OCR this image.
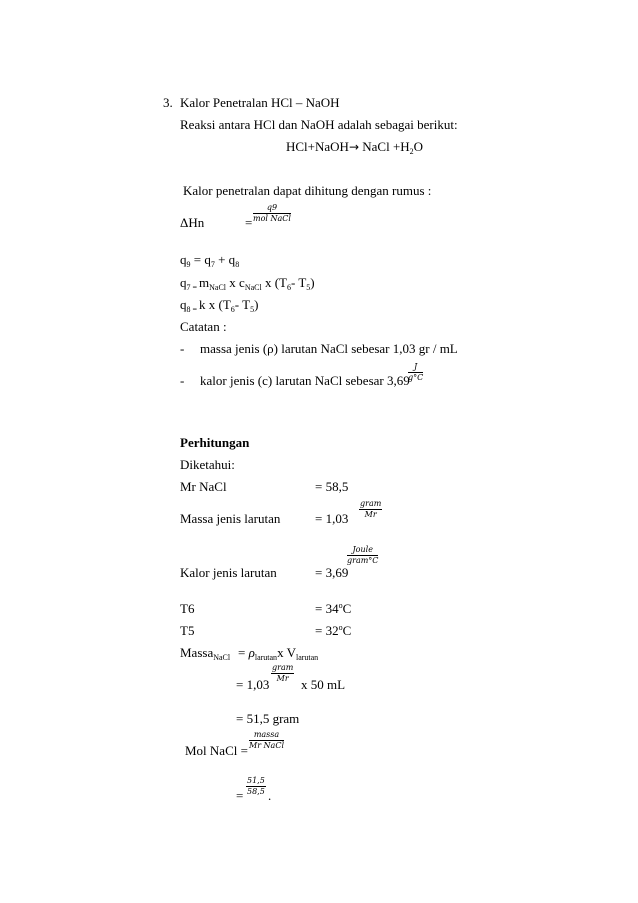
3. Kalor Penetralan HCl – NaOH
Reaksi antara HCl dan NaOH adalah sebagai berikut:
HCl+NaOH→ NaCl $+H_2O$
Kalor penetralan dapat dihitung dengan rumus :
ΔHn	=
q9
mol NaCl
$q_9 = q_7 + q_8$
$q_{7 =}$ $m_{NaCl}$ x $c_{NaCl}$ x ($T_6-$ $T_5$)
$q_{8 =}$ k x ($T_6-$ $T_5$)
Catatan :
- massa jenis (ρ) larutan NaCl sebesar 1,03 gr / mL
- kalor jenis (c) larutan NaCl sebesar 3,69
$\frac{J}{g^\circ C}$
Perhitungan
Diketahui:
Mr NaCl	= 58,5
Massa jenis larutan	= 1,03
gram
Mr
Kalor jenis larutan	= 3,69
Joule
gram°C
T6	= $34^oC$
T5	= $32^oC$
Massa$_{NaCl}$ = $\rho_{larutan}x$ $V_{larutan}$
= 1,03
gram
Mr x 50 mL
= 51,5 gram
Mol NaCl =
massa
Mr NaCl
= $\frac{51,5}{58,5}$ .
